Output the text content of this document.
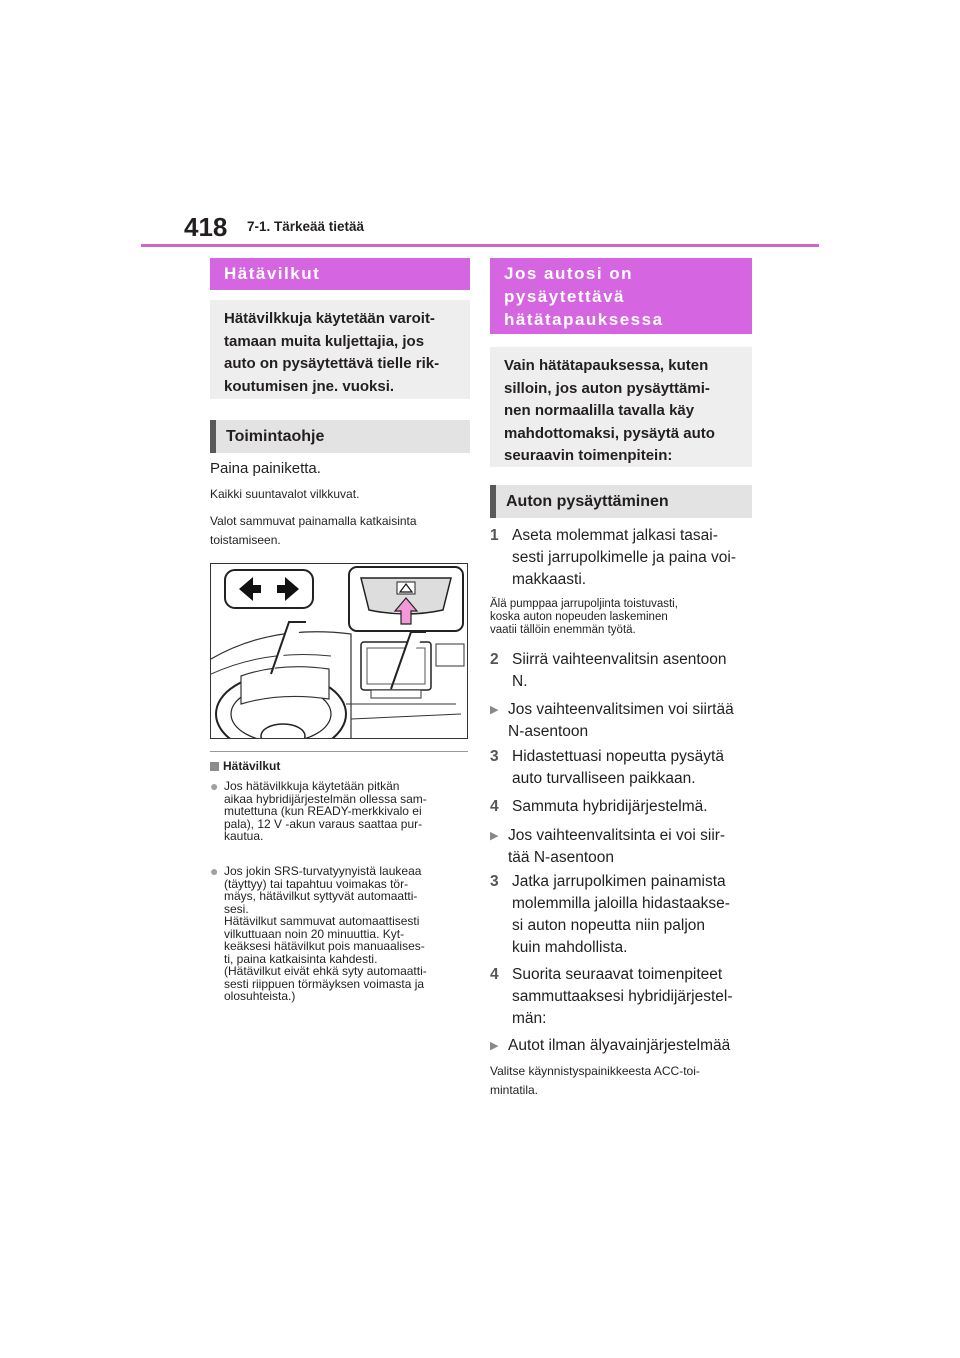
418 7-1. Tärkeää tietää
Hätävilkut
Hätävilkkuja käytetään varoit-
tamaan muita kuljettajia, jos
auto on pysäytettävä tielle rik-
koutumisen jne. vuoksi.
Toimintaohje

Paina painiketta.

Kaikki suuntavalot vilkkuvat.

Valot sammuvat painamalla katkaisinta
toistamiseen.

Hätävilkut
● Jos hätävilkkuja käytetään pitkän
aikaa hybridijärjestelmän ollessa sam-
mutettuna (kun READY-merkkivalo ei
pala), 12 V -akun varaus saattaa pur-
kautua.
● Jos jokin SRS-turvatyynyistä laukeaa
(täyttyy) tai tapahtuu voimakas tör-
mäys, hätävilkut syttyvät automaatti-
sesi.
Hätävilkut sammuvat automaattisesti
vilkuttuaan noin 20 minuuttia. Kyt-
keäksesi hätävilkut pois manuaalises-
ti, paina katkaisinta kahdesti.
(Hätävilkut eivät ehkä syty automaatti-
sesti riippuen törmäyksen voimasta ja
olosuhteista.)
Jos autosi on
pysäytettävä
hätätapauksessa
Vain hätätapauksessa, kuten
silloin, jos auton pysäyttämi-
nen normaalilla tavalla käy
mahdottomaksi, pysäytä auto
seuraavin toimenpitein:
Auton pysäyttäminen
1 Aseta molemmat jalkasi tasai-
sesti jarrupolkimelle ja paina voi-
makkaasti.

Älä pumppaa jarrupoljinta toistuvasti,
koska auton nopeuden laskeminen
vaatii tällöin enemmän työtä.

2 Siirrä vaihteenvalitsin asentoon
N.
▶ Jos vaihteenvalitsimen voi siirtää
N-asentoon
3 Hidastettuasi nopeutta pysäytä
auto turvalliseen paikkaan.
4 Sammuta hybridijärjestelmä.
▶ Jos vaihteenvalitsinta ei voi siir-
tää N-asentoon
3 Jatka jarrupolkimen painamista
molemmilla jaloilla hidastaakse-
si auton nopeutta niin paljon
kuin mahdollista.
4 Suorita seuraavat toimenpiteet
sammuttaaksesi hybridijärjestel-
män:
▶ Autot ilman älyavainjärjestelmää

Valitse käynnistyspainikkeesta ACC-toi-
mintatila.
